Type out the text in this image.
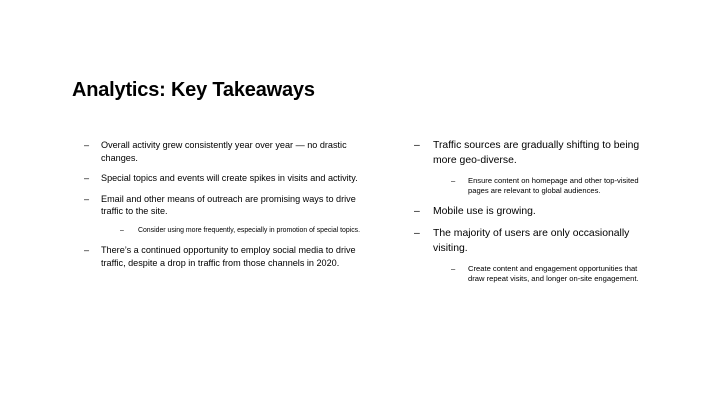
Analytics: Key Takeaways
– Overall activity grew consistently year over year — no drastic changes.
– Special topics and events will create spikes in visits and activity.
– Email and other means of outreach are promising ways to drive traffic to the site.
– Consider using more frequently, especially in promotion of special topics.
– There’s a continued opportunity to employ social media to drive traffic, despite a drop in traffic from those channels in 2020.
– Traffic sources are gradually shifting to being more geo-diverse.
– Ensure content on homepage and other top-visited pages are relevant to global audiences.
– Mobile use is growing.
– The majority of users are only occasionally visiting.
– Create content and engagement opportunities that draw repeat visits, and longer on-site engagement.
